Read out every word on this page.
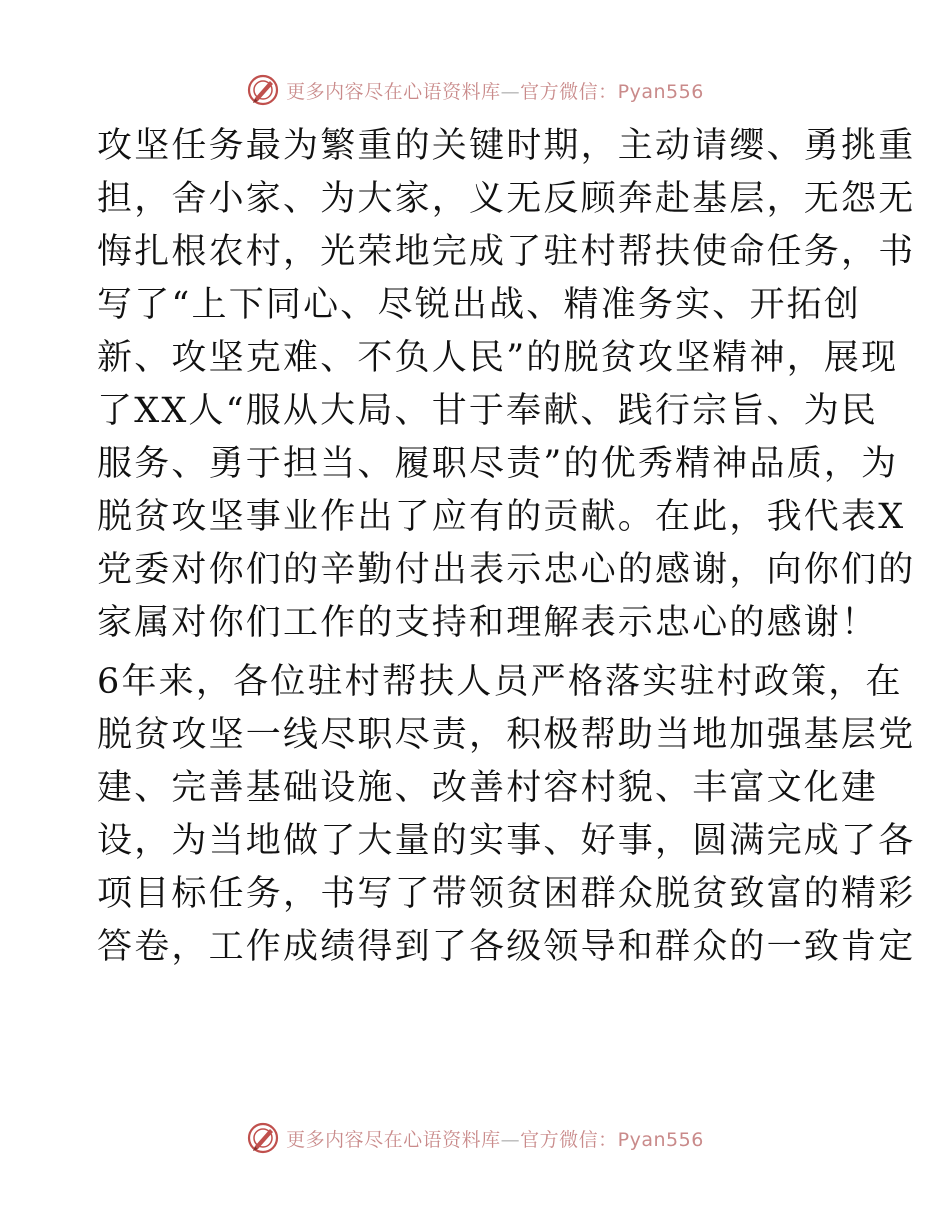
更多内容尽在心语资料库—官方微信：Pyan556
攻坚任务最为繁重的关键时期，主动请缨、勇挑重
担，舍小家、为大家，义无反顾奔赴基层，无怨无
悔扎根农村，光荣地完成了驻村帮扶使命任务，书
写了“上下同心、尽锐出战、精准务实、开拓创
新、攻坚克难、不负人民”的脱贫攻坚精神，展现
了XX人“服从大局、甘于奉献、践行宗旨、为民
服务、勇于担当、履职尽责”的优秀精神品质，为
脱贫攻坚事业作出了应有的贡献。在此，我代表X
党委对你们的辛勤付出表示忠心的感谢，向你们的
家属对你们工作的支持和理解表示忠心的感谢！
6年来，各位驻村帮扶人员严格落实驻村政策，在
脱贫攻坚一线尽职尽责，积极帮助当地加强基层党
建、完善基础设施、改善村容村貌、丰富文化建
设，为当地做了大量的实事、好事，圆满完成了各
项目标任务，书写了带领贫困群众脱贫致富的精彩
答卷，工作成绩得到了各级领导和群众的一致肯定
更多内容尽在心语资料库—官方微信：Pyan556
